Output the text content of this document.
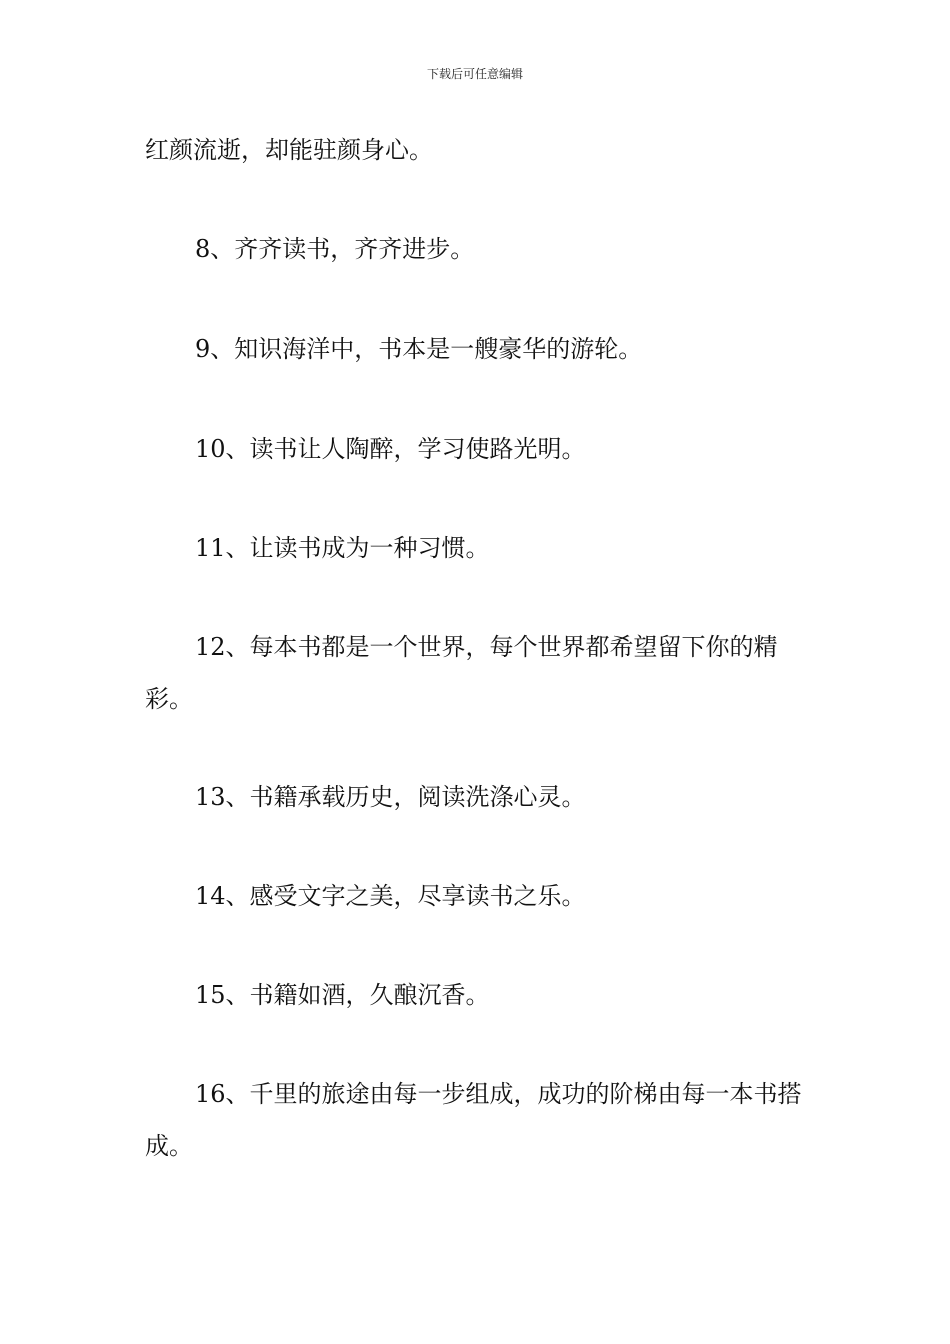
下载后可任意编辑

红颜流逝，却能驻颜身心。

8、齐齐读书，齐齐进步。

9、知识海洋中，书本是一艘豪华的游轮。

10、读书让人陶醉，学习使路光明。

11、让读书成为一种习惯。

12、每本书都是一个世界，每个世界都希望留下你的精彩。

13、书籍承载历史，阅读洗涤心灵。

14、感受文字之美，尽享读书之乐。

15、书籍如酒，久酿沉香。

16、千里的旅途由每一步组成，成功的阶梯由每一本书搭成。
